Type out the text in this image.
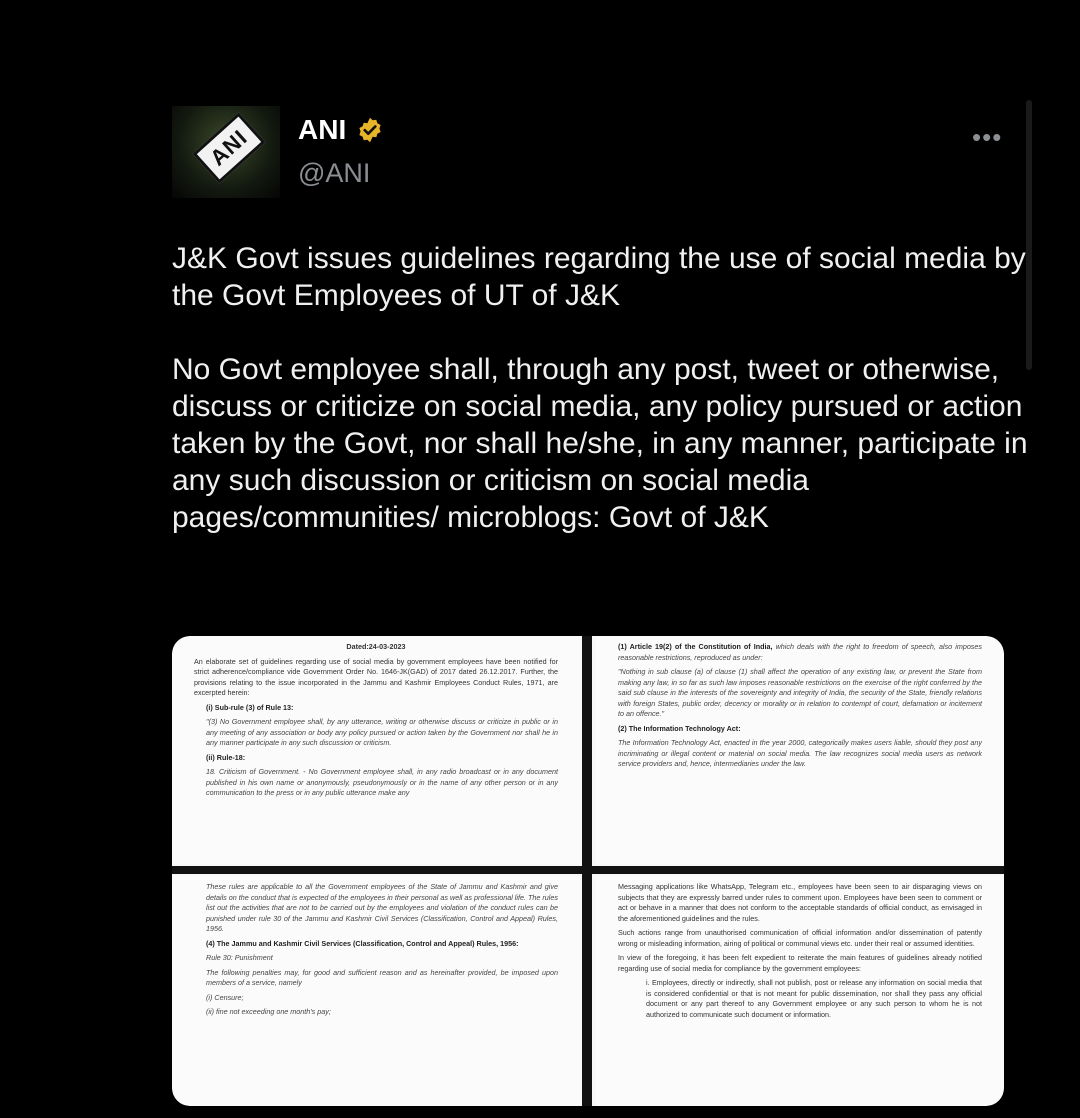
ANI ANI
@ANI
•••

J&K Govt issues guidelines regarding the use of social media by the Govt Employees of UT of J&K

No Govt employee shall, through any post, tweet or otherwise, discuss or criticize on social media, any policy pursued or action taken by the Govt, nor shall he/she, in any manner, participate in any such discussion or criticism on social media pages/communities/ microblogs: Govt of J&K

Dated:24-03-2023

An elaborate set of guidelines regarding use of social media by government employees have been notified for strict adherence/compliance vide Government Order No. 1646-JK(GAD) of 2017 dated 26.12.2017. Further, the provisions relating to the issue incorporated in the Jammu and Kashmir Employees Conduct Rules, 1971, are excerpted herein:

(i) Sub-rule (3) of Rule 13:

"(3) No Government employee shall, by any utterance, writing or otherwise discuss or criticize in public or in any meeting of any association or body any policy pursued or action taken by the Government nor shall he in any manner participate in any such discussion or criticism.

(ii) Rule-18:

18. Criticism of Government. - No Government employee shall, in any radio broadcast or in any document published in his own name or anonymously, pseudonymously or in the name of any other person or in any communication to the press or in any public utterance make any

(1) Article 19(2) of the Constitution of India, which deals with the right to freedom of speech, also imposes reasonable restrictions, reproduced as under:

"Nothing in sub clause (a) of clause (1) shall affect the operation of any existing law, or prevent the State from making any law, in so far as such law imposes reasonable restrictions on the exercise of the right conferred by the said sub clause in the interests of the sovereignty and integrity of India, the security of the State, friendly relations with foreign States, public order, decency or morality or in relation to contempt of court, defamation or incitement to an offence."

(2) The Information Technology Act:

The Information Technology Act, enacted in the year 2000, categorically makes users liable, should they post any incriminating or illegal content or material on social media. The law recognizes social media users as network service providers and, hence, intermediaries under the law.

These rules are applicable to all the Government employees of the State of Jammu and Kashmir and give details on the conduct that is expected of the employees in their personal as well as professional life. The rules list out the activities that are not to be carried out by the employees and violation of the conduct rules can be punished under rule 30 of the Jammu and Kashmir Civil Services (Classification, Control and Appeal) Rules, 1956.

(4) The Jammu and Kashmir Civil Services (Classification, Control and Appeal) Rules, 1956:

Rule 30: Punishment

The following penalties may, for good and sufficient reason and as hereinafter provided, be imposed upon members of a service, namely

(i) Censure;

(ii) fine not exceeding one month's pay;

Messaging applications like WhatsApp, Telegram etc., employees have been seen to air disparaging views on subjects that they are expressly barred under rules to comment upon. Employees have been seen to comment or act or behave in a manner that does not conform to the acceptable standards of official conduct, as envisaged in the aforementioned guidelines and the rules.

Such actions range from unauthorised communication of official information and/or dissemination of patently wrong or misleading information, airing of political or communal views etc. under their real or assumed identities.

In view of the foregoing, it has been felt expedient to reiterate the main features of guidelines already notified regarding use of social media for compliance by the government employees:

i. Employees, directly or indirectly, shall not publish, post or release any information on social media that is considered confidential or that is not meant for public dissemination, nor shall they pass any official document or any part thereof to any Government employee or any such person to whom he is not authorized to communicate such document or information.
